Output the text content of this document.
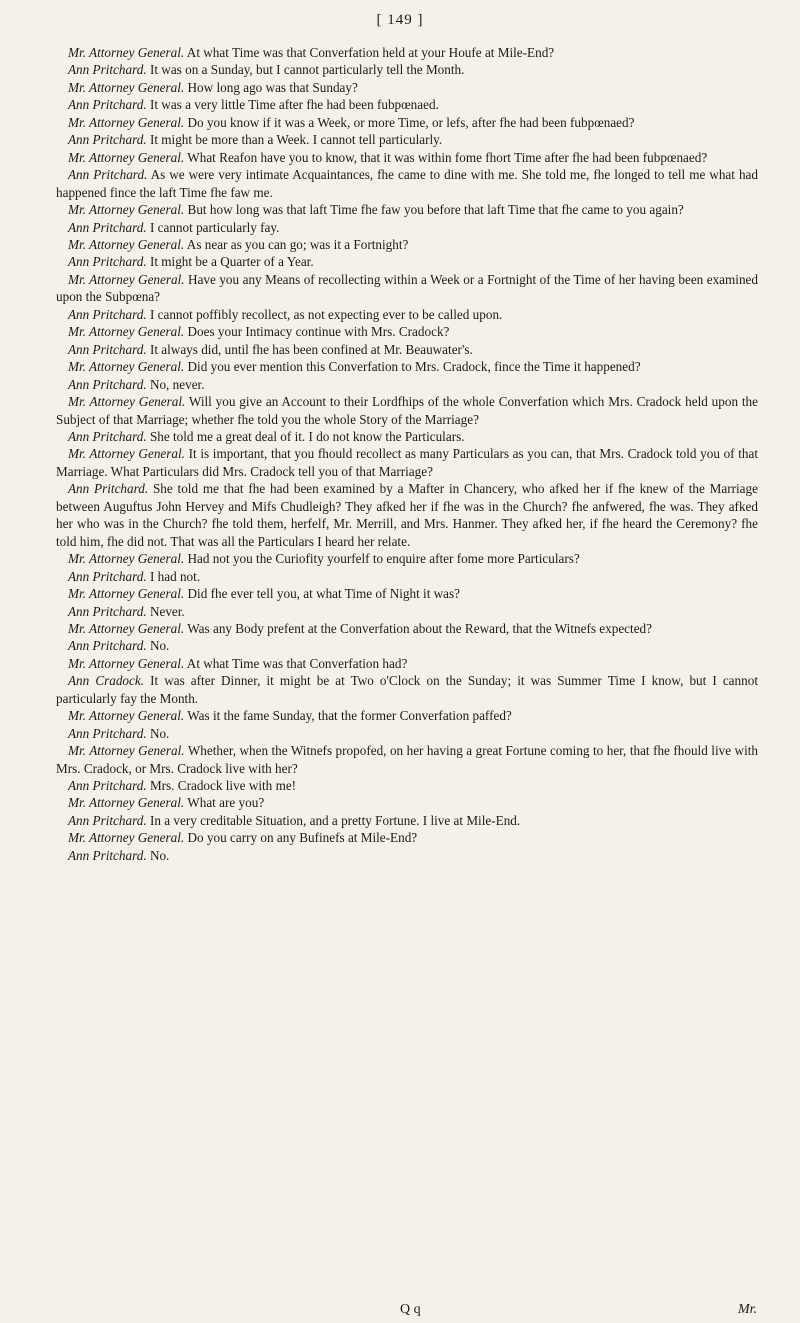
[ 149 ]

Mr. Attorney General. At what Time was that Converfation held at your Houfe at Mile-End?

Ann Pritchard. It was on a Sunday, but I cannot particularly tell the Month.

Mr. Attorney General. How long ago was that Sunday?

Ann Pritchard. It was a very little Time after fhe had been fubpœnaed.

Mr. Attorney General. Do you know if it was a Week, or more Time, or lefs, after fhe had been fubpœnaed?

Ann Pritchard. It might be more than a Week. I cannot tell particularly.

Mr. Attorney General. What Reafon have you to know, that it was within fome fhort Time after fhe had been fubpœnaed?

Ann Pritchard. As we were very intimate Acquaintances, fhe came to dine with me. She told me, fhe longed to tell me what had happened fince the laft Time fhe faw me.

Mr. Attorney General. But how long was that laft Time fhe faw you before that laft Time that fhe came to you again?

Ann Pritchard. I cannot particularly fay.

Mr. Attorney General. As near as you can go; was it a Fortnight?

Ann Pritchard. It might be a Quarter of a Year.

Mr. Attorney General. Have you any Means of recollecting within a Week or a Fortnight of the Time of her having been examined upon the Subpœna?

Ann Pritchard. I cannot poffibly recollect, as not expecting ever to be called upon.

Mr. Attorney General. Does your Intimacy continue with Mrs. Cradock?

Ann Pritchard. It always did, until fhe has been confined at Mr. Beauwater's.

Mr. Attorney General. Did you ever mention this Converfation to Mrs. Cradock, fince the Time it happened?

Ann Pritchard. No, never.

Mr. Attorney General. Will you give an Account to their Lordfhips of the whole Converfation which Mrs. Cradock held upon the Subject of that Marriage; whether fhe told you the whole Story of the Marriage?

Ann Pritchard. She told me a great deal of it. I do not know the Particulars.

Mr. Attorney General. It is important, that you fhould recollect as many Particulars as you can, that Mrs. Cradock told you of that Marriage. What Particulars did Mrs. Cradock tell you of that Marriage?

Ann Pritchard. She told me that fhe had been examined by a Mafter in Chancery, who afked her if fhe knew of the Marriage between Auguftus John Hervey and Mifs Chudleigh? They afked her if fhe was in the Church? fhe anfwered, fhe was. They afked her who was in the Church? fhe told them, herfelf, Mr. Merrill, and Mrs. Hanmer. They afked her, if fhe heard the Ceremony? fhe told him, fhe did not. That was all the Particulars I heard her relate.

Mr. Attorney General. Had not you the Curiofity yourfelf to enquire after fome more Particulars?

Ann Pritchard. I had not.

Mr. Attorney General. Did fhe ever tell you, at what Time of Night it was?

Ann Pritchard. Never.

Mr. Attorney General. Was any Body prefent at the Converfation about the Reward, that the Witnefs expected?

Ann Pritchard. No.

Mr. Attorney General. At what Time was that Converfation had?

Ann Cradock. It was after Dinner, it might be at Two o'Clock on the Sunday; it was Summer Time I know, but I cannot particularly fay the Month.

Mr. Attorney General. Was it the fame Sunday, that the former Converfation paffed?

Ann Pritchard. No.

Mr. Attorney General. Whether, when the Witnefs propofed, on her having a great Fortune coming to her, that fhe fhould live with Mrs. Cradock, or Mrs. Cradock live with her?

Ann Pritchard. Mrs. Cradock live with me!

Mr. Attorney General. What are you?

Ann Pritchard. In a very creditable Situation, and a pretty Fortune. I live at Mile-End.

Mr. Attorney General. Do you carry on any Bufinefs at Mile-End?

Ann Pritchard. No.

Q q	Mr.
